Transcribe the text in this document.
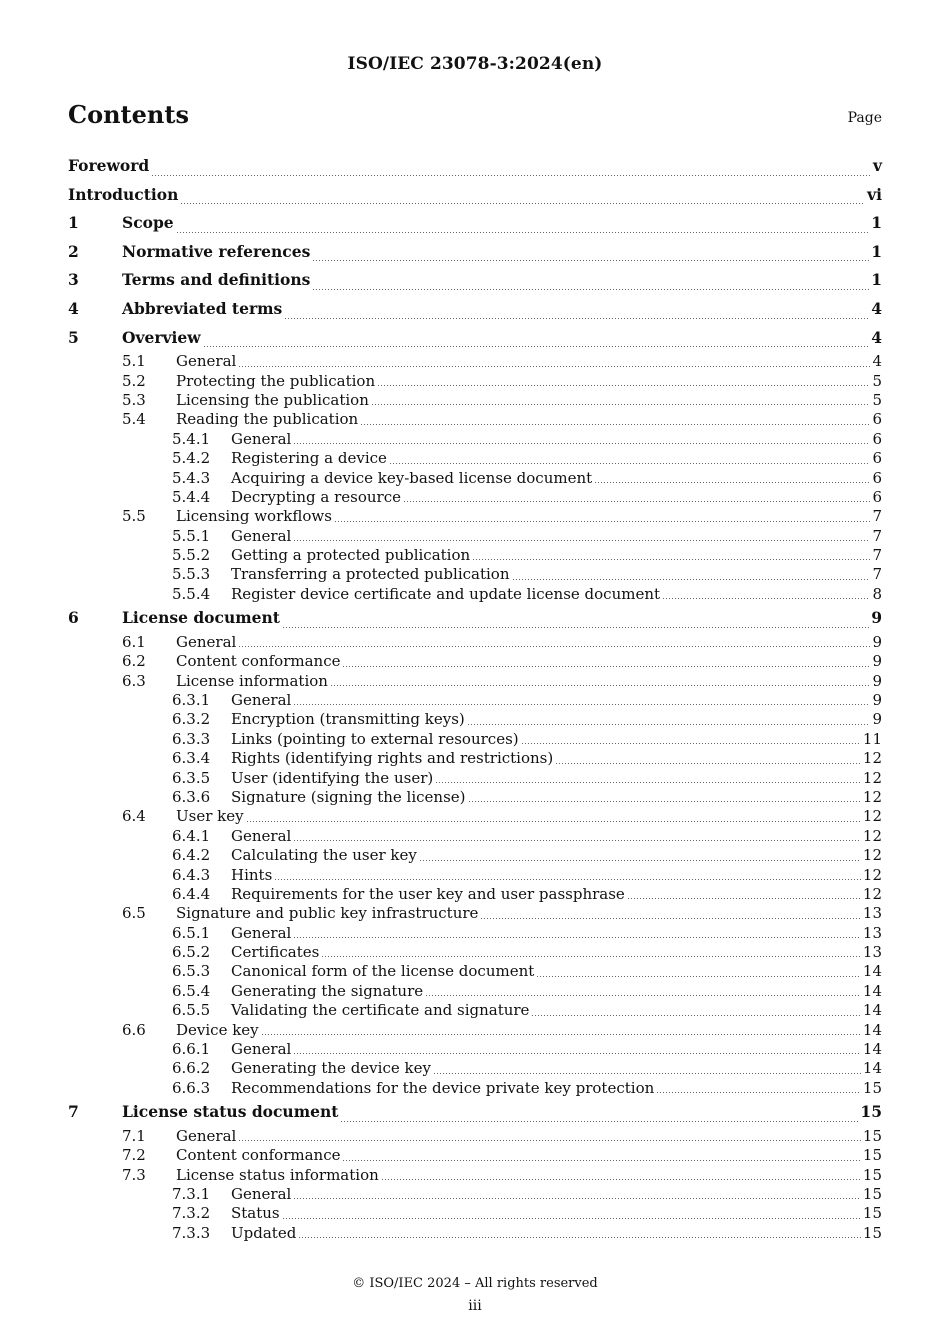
ISO/IEC 23078-3:2024(en)
Contents	Page
Foreword	v
Introduction	vi
1	Scope	1
2	Normative references	1
3	Terms and definitions	1
4	Abbreviated terms	4
5	Overview	4
5.1	General	4
5.2	Protecting the publication	5
5.3	Licensing the publication	5
5.4	Reading the publication	6
5.4.1	General	6
5.4.2	Registering a device	6
5.4.3	Acquiring a device key-based license document	6
5.4.4	Decrypting a resource	6
5.5	Licensing workflows	7
5.5.1	General	7
5.5.2	Getting a protected publication	7
5.5.3	Transferring a protected publication	7
5.5.4	Register device certificate and update license document	8
6	License document	9
6.1	General	9
6.2	Content conformance	9
6.3	License information	9
6.3.1	General	9
6.3.2	Encryption (transmitting keys)	9
6.3.3	Links (pointing to external resources)	11
6.3.4	Rights (identifying rights and restrictions)	12
6.3.5	User (identifying the user)	12
6.3.6	Signature (signing the license)	12
6.4	User key	12
6.4.1	General	12
6.4.2	Calculating the user key	12
6.4.3	Hints	12
6.4.4	Requirements for the user key and user passphrase	12
6.5	Signature and public key infrastructure	13
6.5.1	General	13
6.5.2	Certificates	13
6.5.3	Canonical form of the license document	14
6.5.4	Generating the signature	14
6.5.5	Validating the certificate and signature	14
6.6	Device key	14
6.6.1	General	14
6.6.2	Generating the device key	14
6.6.3	Recommendations for the device private key protection	15
7	License status document	15
7.1	General	15
7.2	Content conformance	15
7.3	License status information	15
7.3.1	General	15
7.3.2	Status	15
7.3.3	Updated	15
© ISO/IEC 2024 – All rights reserved
iii
